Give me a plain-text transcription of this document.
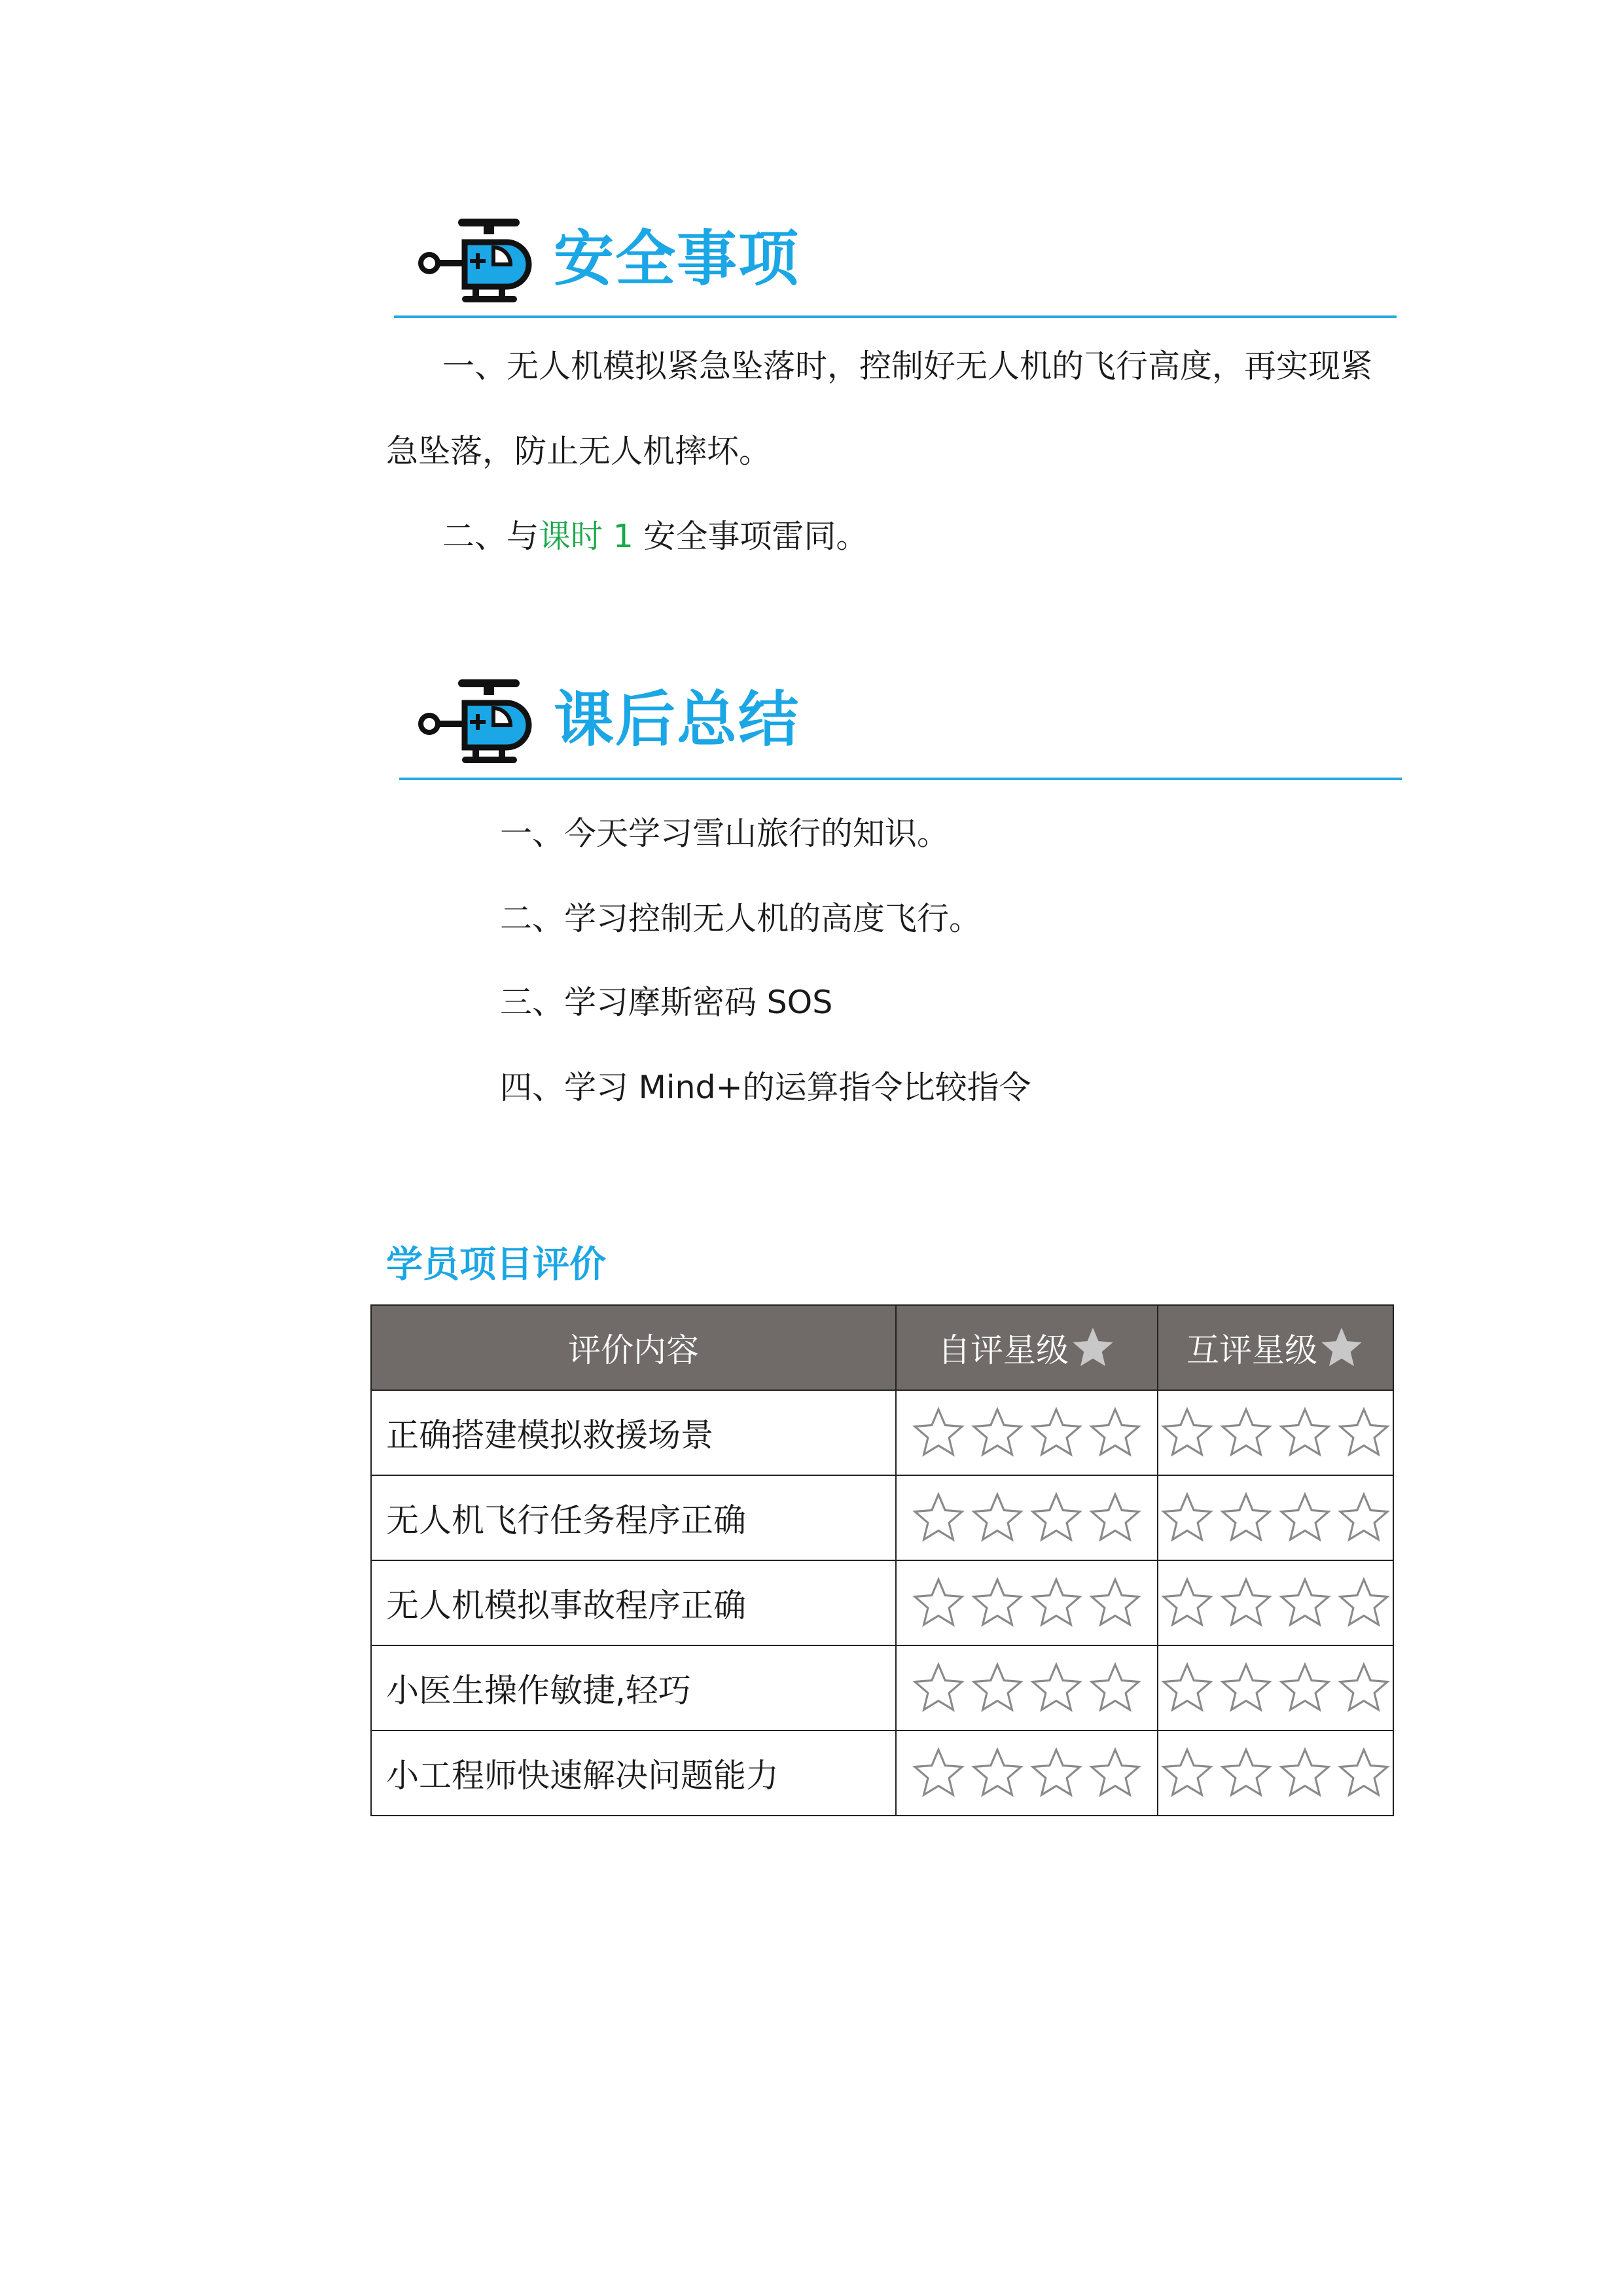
安全事项
一、无人机模拟紧急坠落时，控制好无人机的飞行高度，再实现紧
急坠落，防止无人机摔坏。
二、与课时 1 安全事项雷同。
课后总结
一、今天学习雪山旅行的知识。
二、学习控制无人机的高度飞行。
三、学习摩斯密码 SOS
四、学习 Mind+的运算指令比较指令
学员项目评价
评价内容	自评星级	互评星级

正确搭建模拟救援场景	

无人机飞行任务程序正确	

无人机模拟事故程序正确	

小医生操作敏捷,轻巧	

小工程师快速解决问题能力	
